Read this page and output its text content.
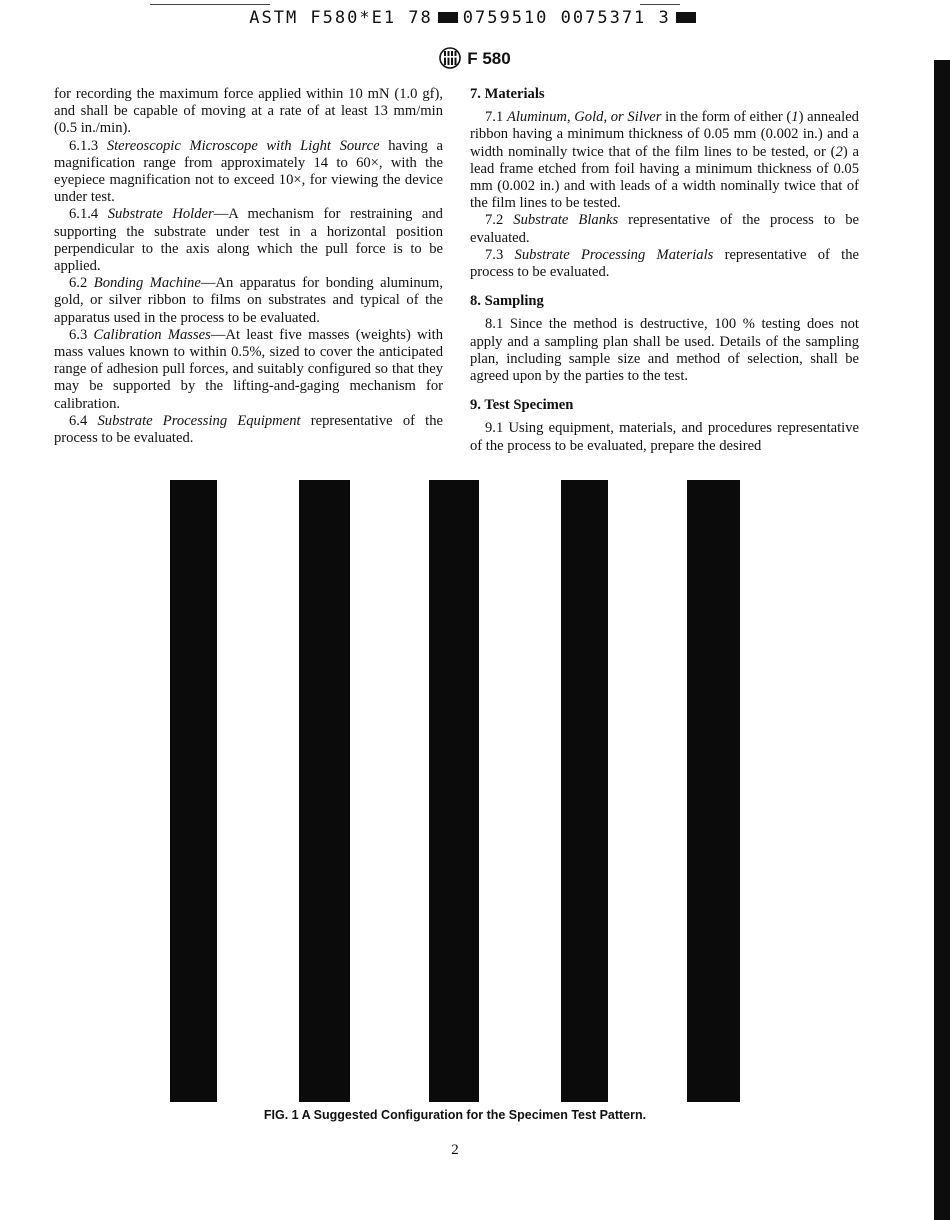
ASTM F580*E1 78 0759510 0075371 3
F 580

for recording the maximum force applied within 10 mN (1.0 gf), and shall be capable of moving at a rate of at least 13 mm/min (0.5 in./min).

6.1.3 Stereoscopic Microscope with Light Source having a magnification range from approximately 14 to 60×, with the eyepiece magnification not to exceed 10×, for viewing the device under test.

6.1.4 Substrate Holder—A mechanism for restraining and supporting the substrate under test in a horizontal position perpendicular to the axis along which the pull force is to be applied.

6.2 Bonding Machine—An apparatus for bonding aluminum, gold, or silver ribbon to films on substrates and typical of the apparatus used in the process to be evaluated.

6.3 Calibration Masses—At least five masses (weights) with mass values known to within 0.5%, sized to cover the anticipated range of adhesion pull forces, and suitably configured so that they may be supported by the lifting-and-gaging mechanism for calibration.

6.4 Substrate Processing Equipment representative of the process to be evaluated.

7. Materials

7.1 Aluminum, Gold, or Silver in the form of either (1) annealed ribbon having a minimum thickness of 0.05 mm (0.002 in.) and a width nominally twice that of the film lines to be tested, or (2) a lead frame etched from foil having a minimum thickness of 0.05 mm (0.002 in.) and with leads of a width nominally twice that of the film lines to be tested.

7.2 Substrate Blanks representative of the process to be evaluated.

7.3 Substrate Processing Materials representative of the process to be evaluated.

8. Sampling

8.1 Since the method is destructive, 100 % testing does not apply and a sampling plan shall be used. Details of the sampling plan, including sample size and method of selection, shall be agreed upon by the parties to the test.

9. Test Specimen

9.1 Using equipment, materials, and procedures representative of the process to be evaluated, prepare the desired

FIG. 1 A Suggested Configuration for the Specimen Test Pattern.
2
